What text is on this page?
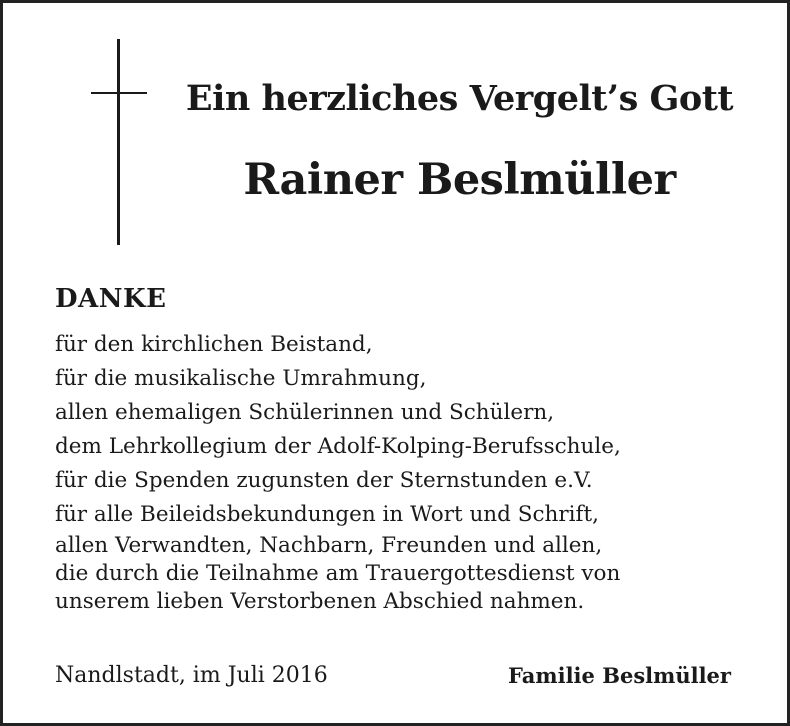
Ein herzliches Vergelt’s Gott
Rainer Beslmüller
DANKE
für den kirchlichen Beistand,
für die musikalische Umrahmung,
allen ehemaligen Schülerinnen und Schülern,
dem Lehrkollegium der Adolf-Kolping-Berufsschule,
für die Spenden zugunsten der Sternstunden e.V.
für alle Beileidsbekundungen in Wort und Schrift,
allen Verwandten, Nachbarn, Freunden und allen,
die durch die Teilnahme am Trauergottesdienst von
unserem lieben Verstorbenen Abschied nahmen.
Nandlstadt, im Juli 2016	Familie Beslmüller
